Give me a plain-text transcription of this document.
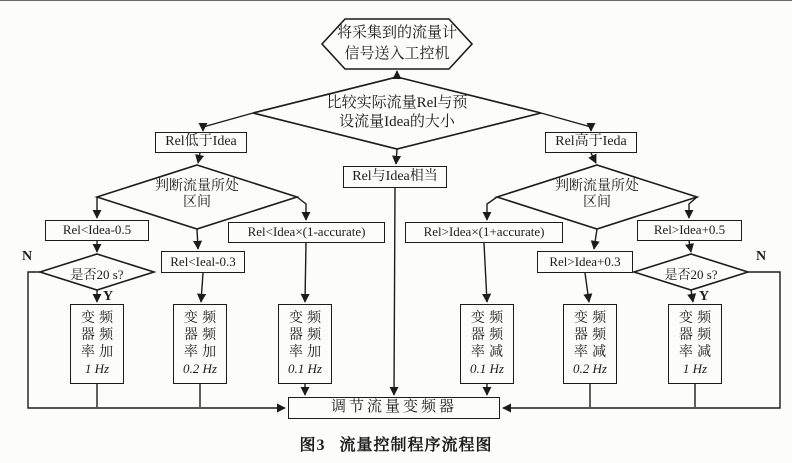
将采集到的流量计
信号送入工控机
比较实际流量Rel与预
设流量Idea的大小
Rel低于Idea
Rel与Idea相当
Rel高于Ieda
判断流量所处
区间
判断流量所处
区间
Rel<Idea-0.5
Rel<Ieal-0.3
Rel<Idea×(1-accurate)	Rel>Idea×(1+accurate)
Rel>Idea+0.3
Rel>Idea+0.5
是否20 s?	是否20 s?
N
Y
N
Y
变频
器频
率加
1 Hz
变频
器频
率加
0.2 Hz
变频
器频
率加
0.1 Hz
变频
器频
率减
0.1 Hz
变频
器频
率减
0.2 Hz
变频
器频
率减
1 Hz
调节流量变频器
图3 流量控制程序流程图
